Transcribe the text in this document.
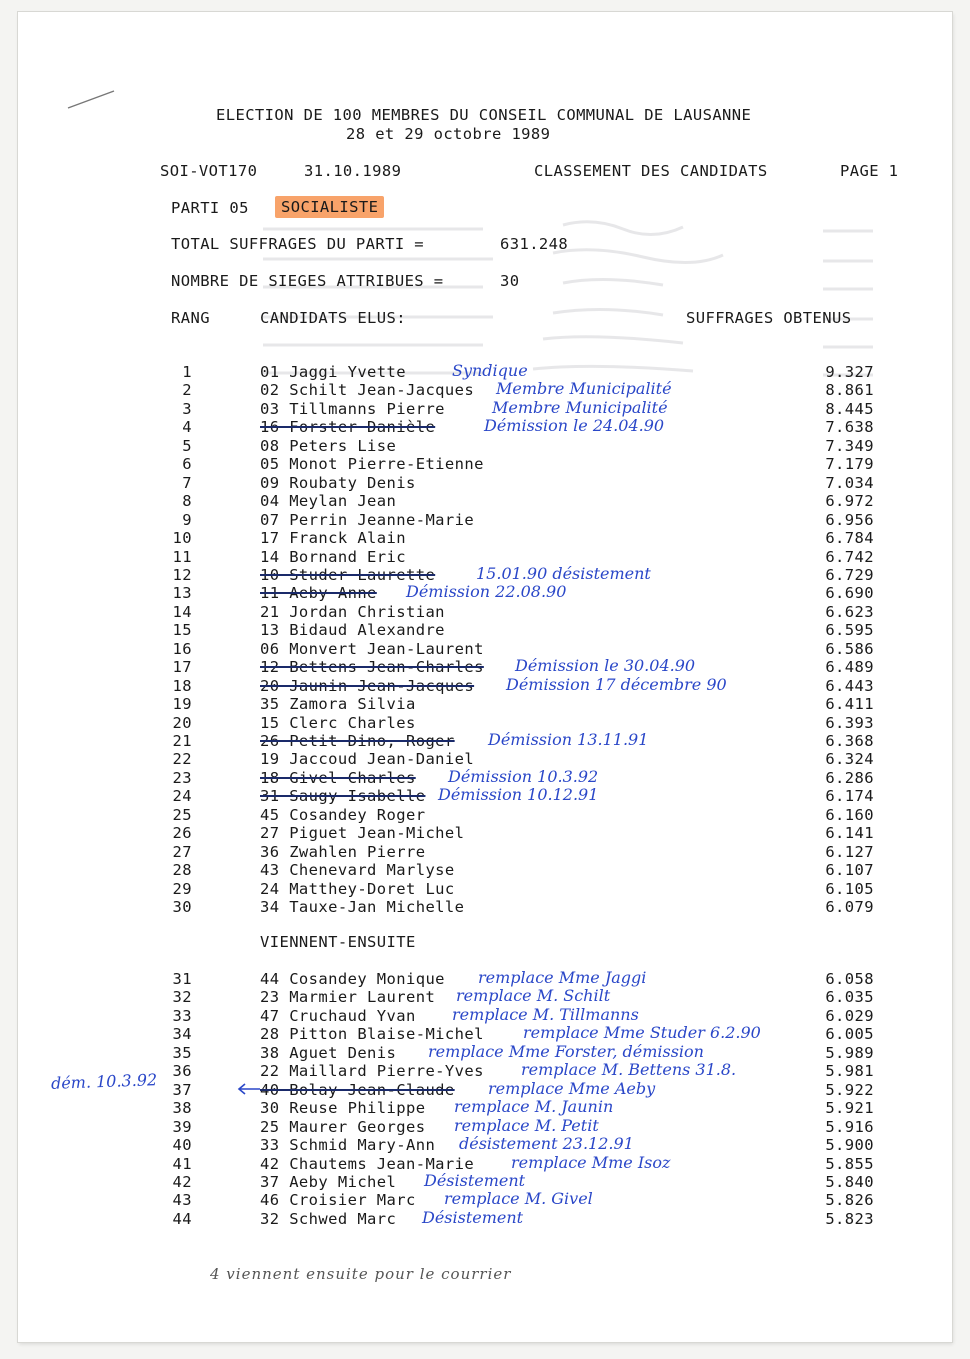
ELECTION DE 100 MEMBRES DU CONSEIL COMMUNAL DE LAUSANNE
28 et 29 octobre 1989
SOI-VOT170	31.10.1989	CLASSEMENT DES CANDIDATS	PAGE 1
PARTI 05	SOCIALISTE
TOTAL SUFFRAGES DU PARTI =	631.248
NOMBRE DE SIEGES ATTRIBUES =	30
RANG	CANDIDATS ELUS:	SUFFRAGES OBTENUS
1	01 Jaggi Yvette	9.327
Syndique
2	02 Schilt Jean-Jacques	8.861
Membre Municipalité
3	03 Tillmanns Pierre	8.445
Membre Municipalité
4	16 Forster Danièle	7.638
Démission le 24.04.90
5	08 Peters Lise	7.349
6	05 Monot Pierre-Etienne	7.179
7	09 Roubaty Denis	7.034
8	04 Meylan Jean	6.972
9	07 Perrin Jeanne-Marie	6.956
10	17 Franck Alain	6.784
11	14 Bornand Eric	6.742
12	10 Studer Laurette	6.729
15.01.90 désistement
13	11 Aeby Anne	6.690
Démission 22.08.90
14	21 Jordan Christian	6.623
15	13 Bidaud Alexandre	6.595
16	06 Monvert Jean-Laurent	6.586
17	12 Bettens Jean-Charles	6.489
Démission le 30.04.90
18	20 Jaunin Jean-Jacques	6.443
Démission 17 décembre 90
19	35 Zamora Silvia	6.411
20	15 Clerc Charles	6.393
21	26 Petit Dino, Roger	6.368
Démission 13.11.91
22	19 Jaccoud Jean-Daniel	6.324
23	18 Givel Charles	6.286
Démission 10.3.92
24	31 Saugy Isabelle	6.174
Démission 10.12.91
25	45 Cosandey Roger	6.160
26	27 Piguet Jean-Michel	6.141
27	36 Zwahlen Pierre	6.127
28	43 Chenevard Marlyse	6.107
29	24 Matthey-Doret Luc	6.105
30	34 Tauxe-Jan Michelle	6.079
VIENNENT-ENSUITE
31	44 Cosandey Monique	6.058
remplace Mme Jaggi
32	23 Marmier Laurent	6.035
remplace M. Schilt
33	47 Cruchaud Yvan	6.029
remplace M. Tillmanns
34	28 Pitton Blaise-Michel	6.005
remplace Mme Studer 6.2.90
35	38 Aguet Denis	5.989
remplace Mme Forster, démission
36	22 Maillard Pierre-Yves	5.981
remplace M. Bettens 31.8.
37	40 Bolay Jean-Claude	5.922
remplace Mme Aeby
38	30 Reuse Philippe	5.921
remplace M. Jaunin
39	25 Maurer Georges	5.916
remplace M. Petit
40	33 Schmid Mary-Ann	5.900
désistement 23.12.91
41	42 Chautems Jean-Marie	5.855
remplace Mme Isoz
42	37 Aeby Michel	5.840
Désistement
43	46 Croisier Marc	5.826
remplace M. Givel
44	32 Schwed Marc	5.823
Désistement
dém. 10.3.92
4 viennent ensuite pour le courrier
